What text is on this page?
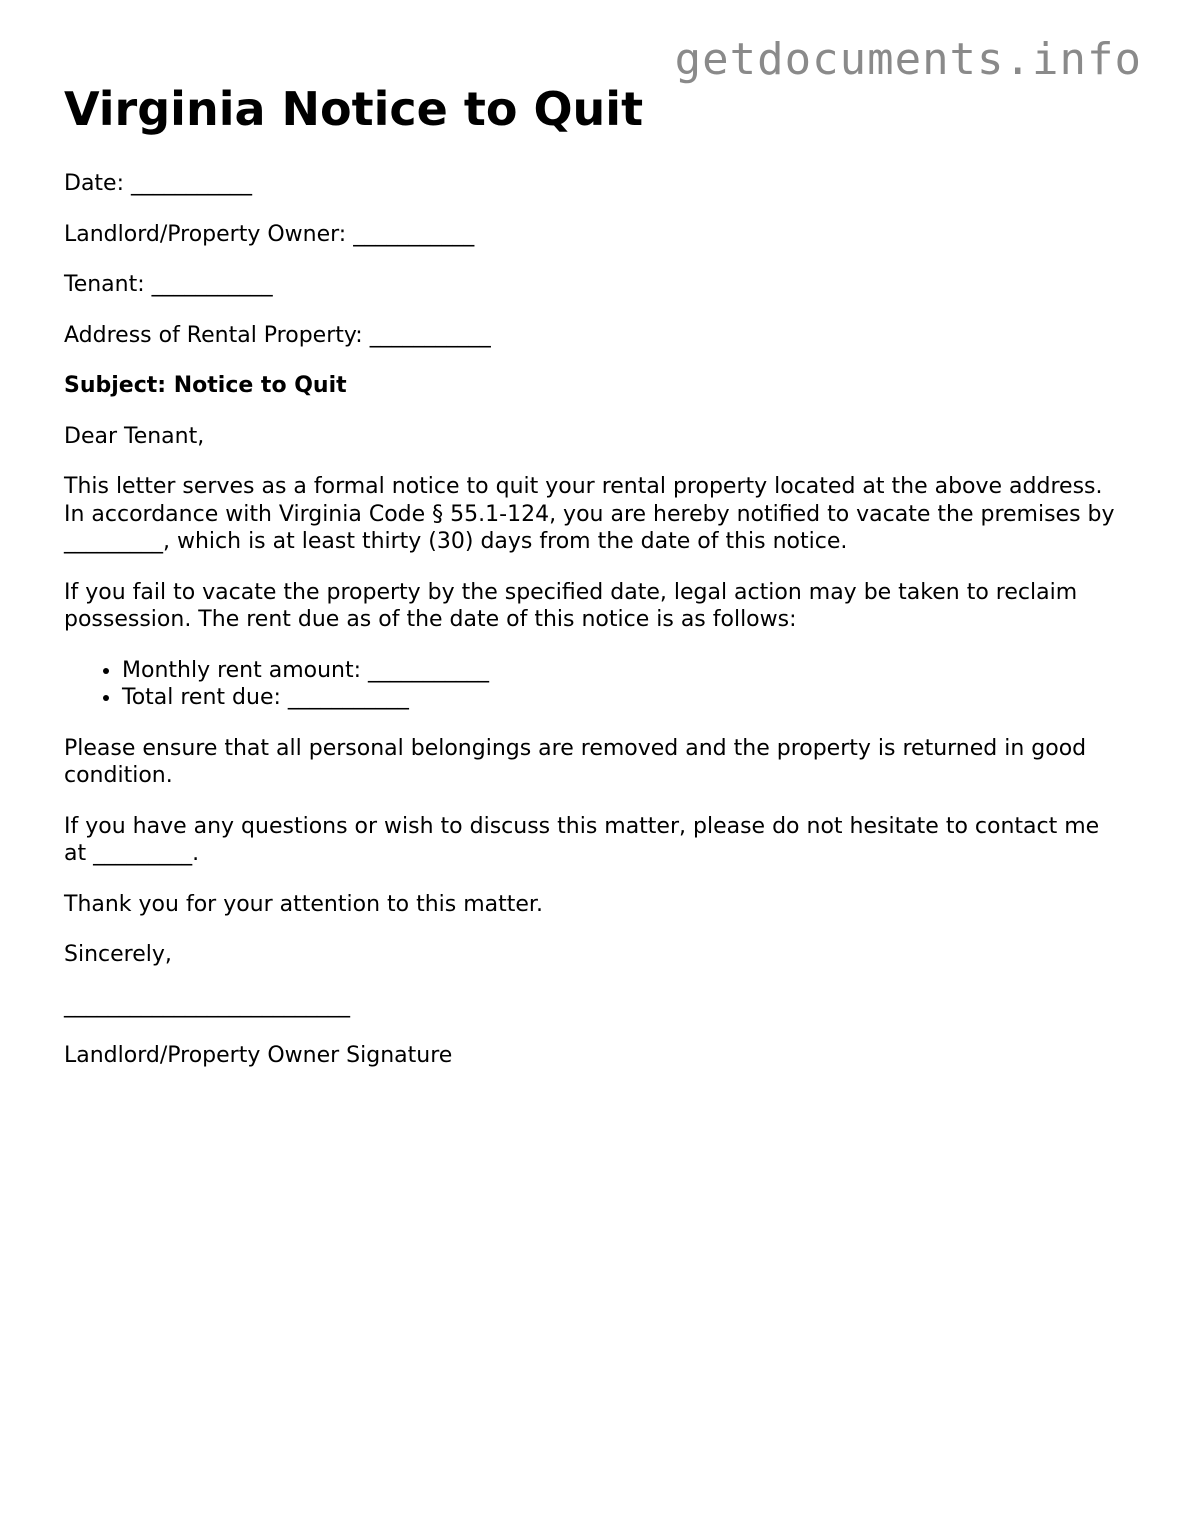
getdocuments.info
Virginia Notice to Quit

Date: ___________

Landlord/Property Owner: ___________

Tenant: ___________

Address of Rental Property: ___________

Subject: Notice to Quit

Dear Tenant,

This letter serves as a formal notice to quit your rental property located at the above address. In accordance with Virginia Code § 55.1-124, you are hereby notified to vacate the premises by _________, which is at least thirty (30) days from the date of this notice.

If you fail to vacate the property by the specified date, legal action may be taken to reclaim possession. The rent due as of the date of this notice is as follows:

• Monthly rent amount: ___________
• Total rent due: ___________

Please ensure that all personal belongings are removed and the property is returned in good condition.

If you have any questions or wish to discuss this matter, please do not hesitate to contact me at _________.

Thank you for your attention to this matter.

Sincerely,

__________________________

Landlord/Property Owner Signature
